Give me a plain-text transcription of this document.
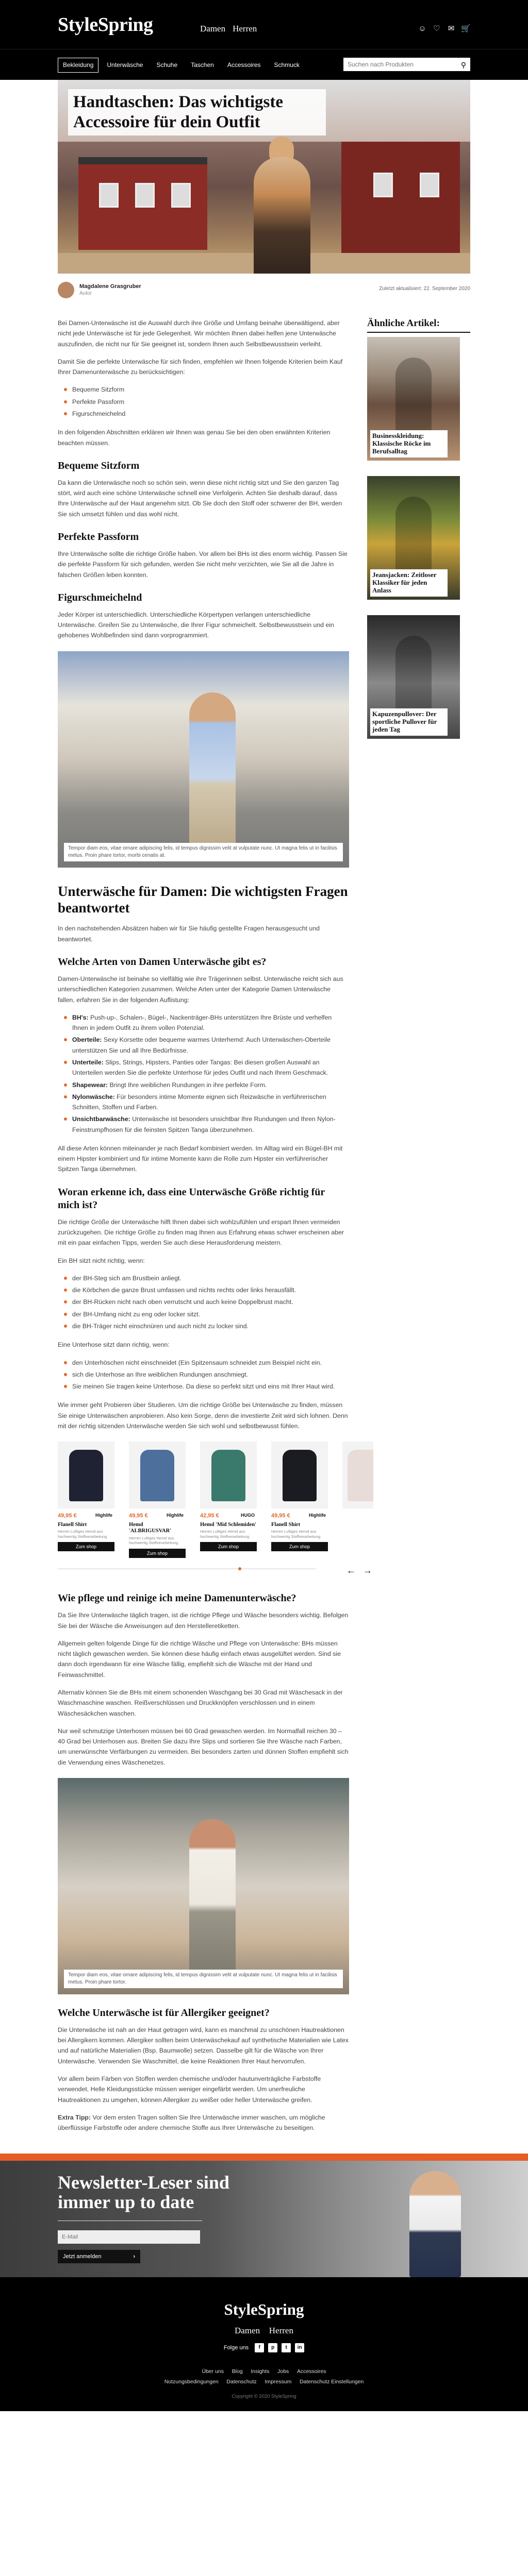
StyleSpring	Damen Herren	☺ ♡ ✉ 🛒
Bekleidung	Unterwäsche	Schuhe	Taschen	Accessoires	Schmuck
Suchen nach Produkten	⚲
Handtaschen: Das wichtigste Accessoire für dein Outfit
Magdalene Grasgruber
Autor
Zuletzt aktualisiert: 22. September 2020
Ähnliche Artikel:
Businesskleidung: Klassische Röcke im Berufsalltag
Jeansjacken: Zeitloser Klassiker für jeden Anlass
Kapuzenpullover: Der sportliche Pullover für jeden Tag

Bei Damen-Unterwäsche ist die Auswahl durch ihre Größe und Umfang beinahe überwältigend, aber nicht jede Unterwäsche ist für jede Gelegenheit. Wir möchten Ihnen dabei helfen jene Unterwäsche auszufinden, die nicht nur für Sie geeignet ist, sondern Ihnen auch Selbstbewusstsein verleiht.

Damit Sie die perfekte Unterwäsche für sich finden, empfehlen wir Ihnen folgende Kriterien beim Kauf Ihrer Damenunterwäsche zu berücksichtigen:

Bequeme Sitzform
Perfekte Passform
Figurschmeichelnd

In den folgenden Abschnitten erklären wir Ihnen was genau Sie bei den oben erwähnten Kriterien beachten müssen.

Bequeme Sitzform

Da kann die Unterwäsche noch so schön sein, wenn diese nicht richtig sitzt und Sie den ganzen Tag stört, wird auch eine schöne Unterwäsche schnell eine Verfolgerin. Achten Sie deshalb darauf, dass Ihre Unterwäsche auf der Haut angenehm sitzt. Ob Sie doch den Stoff oder schwerer der BH, werden Sie sich umsetzt fühlen und das wohl nicht.

Perfekte Passform

Ihre Unterwäsche sollte die richtige Größe haben. Vor allem bei BHs ist dies enorm wichtig. Passen Sie die perfekte Passform für sich gefunden, werden Sie nicht mehr verzichten, wie Sie all die Jahre in falschen Größen leben konnten.

Figurschmeichelnd

Jeder Körper ist unterschiedlich. Unterschiedliche Körpertypen verlangen unterschiedliche Unterwäsche. Greifen Sie zu Unterwäsche, die Ihrer Figur schmeichelt. Selbstbewusstsein und ein gehobenes Wohlbefinden sind dann vorprogrammiert.

Tempor diam eos, vitae ornare adipiscing felis, id tempus dignissim velit at vulputate nunc. Ut magna felis ut in facilisis metus. Proin phare tortor, morbi cenatis at.
Unterwäsche für Damen: Die wichtigsten Fragen beantwortet

In den nachstehenden Absätzen haben wir für Sie häufig gestellte Fragen herausgesucht und beantwortet.

Welche Arten von Damen Unterwäsche gibt es?

Damen-Unterwäsche ist beinahe so vielfältig wie ihre Trägerinnen selbst. Unterwäsche reicht sich aus unterschiedlichen Kategorien zusammen. Welche Arten unter der Kategorie Damen Unterwäsche fallen, erfahren Sie in der folgenden Auflistung:

BH's: Push-up-, Schalen-, Bügel-, Nackenträger-BHs unterstützen Ihre Brüste und verhelfen Ihnen in jedem Outfit zu ihrem vollen Potenzial.
Oberteile: Sexy Korsette oder bequeme warmes Unterhemd: Auch Unterwäschen-Oberteile unterstützen Sie und all Ihre Bedürfnisse.
Unterteile: Slips, Strings, Hipsters, Panties oder Tangas: Bei diesen großen Auswahl an Unterteilen werden Sie die perfekte Unterhose für jedes Outfit und nach Ihrem Geschmack.
Shapewear: Bringt Ihre weiblichen Rundungen in ihre perfekte Form.
Nylonwäsche: Für besonders intime Momente eignen sich Reizwäsche in verführerischen Schnitten, Stoffen und Farben.
Unsichtbarwäsche: Unterwäsche ist besonders unsichtbar Ihre Rundungen und Ihren Nylon-Feinstrumpfhosen für die feinsten Spitzen Tanga überzunehmen.

All diese Arten können miteinander je nach Bedarf kombiniert werden. Im Alltag wird ein Bügel-BH mit einem Hipster kombiniert und für intime Momente kann die Rolle zum Hipster ein verführerischer Spitzen Tanga übernehmen.

Woran erkenne ich, dass eine Unterwäsche Größe richtig für mich ist?

Die richtige Größe der Unterwäsche hilft Ihnen dabei sich wohlzufühlen und erspart Ihnen vermeiden zurückzugehen. Die richtige Größe zu finden mag Ihnen aus Erfahrung etwas schwer erscheinen aber mit ein paar einfachen Tipps, werden Sie auch diese Herausforderung meistern.

Ein BH sitzt nicht richtig, wenn:

der BH-Steg sich am Brustbein anliegt.
die Körbchen die ganze Brust umfassen und nichts rechts oder links herausfällt.
der BH-Rücken nicht nach oben verrutscht und auch keine Doppelbrust macht.
der BH-Umfang nicht zu eng oder locker sitzt.
die BH-Träger nicht einschnüren und auch nicht zu locker sind.

Eine Unterhose sitzt dann richtig, wenn:

den Unterhöschen nicht einschneidet (Ein Spitzensaum schneidet zum Beispiel nicht ein.
sich die Unterhose an Ihre weiblichen Rundungen anschmiegt.
Sie meinen Sie tragen keine Unterhose. Da diese so perfekt sitzt und eins mit Ihrer Haut wird.

Wie immer geht Probieren über Studieren. Um die richtige Größe bei Unterwäsche zu finden, müssen Sie einige Unterwäschen anprobieren. Also kein Sorge, denn die investierte Zeit wird sich lohnen. Denn mit der richtig sitzenden Unterwäsche werden Sie sich wohl und selbstbewusst fühlen.

49,95 €	Highlife
Flanell Shirt
Herren Luftiges Hemd aus hochwertig Stoffverarbeitung
Zum shop
49,95 €	Highlife
Hemd 'ALBRIGUSVAR'
Herren Luftiges Hemd aus hochwertig Stoffverarbeitung
Zum shop
42,95 €	HUGO
Hemd 'Mid Schlemiden'
Herren Luftiges Hemd aus hochwertig Stoffverarbeitung
Zum shop
49,95 €	Highlife
Flanell Shirt
Herren Luftiges Hemd aus hochwertig Stoffverarbeitung
Zum shop
← →
Wie pflege und reinige ich meine Damenunterwäsche?

Da Sie Ihre Unterwäsche täglich tragen, ist die richtige Pflege und Wäsche besonders wichtig. Befolgen Sie bei der Wäsche die Anweisungen auf den Herstelleretiketten.

Allgemein gelten folgende Dinge für die richtige Wäsche und Pflege von Unterwäsche: BHs müssen nicht täglich gewaschen werden. Sie können diese häufig einfach etwas ausgelüftet werden. Sind sie dann doch irgendwann für eine Wäsche fällig, empfiehlt sich die Wäsche mit der Hand und Feinwaschmittel.

Alternativ können Sie die BHs mit einem schonenden Waschgang bei 30 Grad mit Wäschesack in der Waschmaschine waschen. Reißverschlüssen und Druckknöpfen verschlossen und in einem Wäschesäckchen waschen.

Nur weil schmutzige Unterhosen müssen bei 60 Grad gewaschen werden. Im Normalfall reichen 30 – 40 Grad bei Unterhosen aus. Breiten Sie dazu Ihre Slips und sortieren Sie Ihre Wäsche nach Farben, um unerwünschte Verfärbungen zu vermeiden. Bei besonders zarten und dünnen Stoffen empfiehlt sich die Verwendung eines Wäschenetzes.

Tempor diam eos, vitae ornare adipiscing felis, id tempus dignissim velit at vulputate nunc. Ut magna felis ut in facilisis metus. Proin phare tortor.
Welche Unterwäsche ist für Allergiker geeignet?

Die Unterwäsche ist nah an der Haut getragen wird, kann es manchmal zu unschönen Hautreaktionen bei Allergikern kommen. Allergiker sollten beim Unterwäschekauf auf synthetische Materialien wie Latex und auf natürliche Materialien (Bsp. Baumwolle) setzen. Dasselbe gilt für die Wäsche von Ihrer Unterwäsche. Verwenden Sie Waschmittel, die keine Reaktionen Ihrer Haut hervorrufen.

Vor allem beim Färben von Stoffen werden chemische und/oder hautunverträgliche Farbstoffe verwendet. Helle Kleidungsstücke müssen weniger eingefärbt werden. Um unerfreuliche Hautreaktionen zu umgehen, können Allergiker zu weißer oder heller Unterwäsche greifen.

Extra Tipp: Vor dem ersten Tragen sollten Sie Ihre Unterwäsche immer waschen, um mögliche überflüssige Farbstoffe oder andere chemische Stoffe aus Ihrer Unterwäsche zu beseitigen.

Newsletter-Leser sind immer up to date
E-Mail
Jetzt anmelden	›
StyleSpring
Damen Herren
Folge uns	f	p	t	in
Über uns Blog Insights Jobs Accessoires
Nutzungsbedingungen Datenschutz Impressum Datenschutz Einstellungen
Copyright © 2020 StyleSpring
